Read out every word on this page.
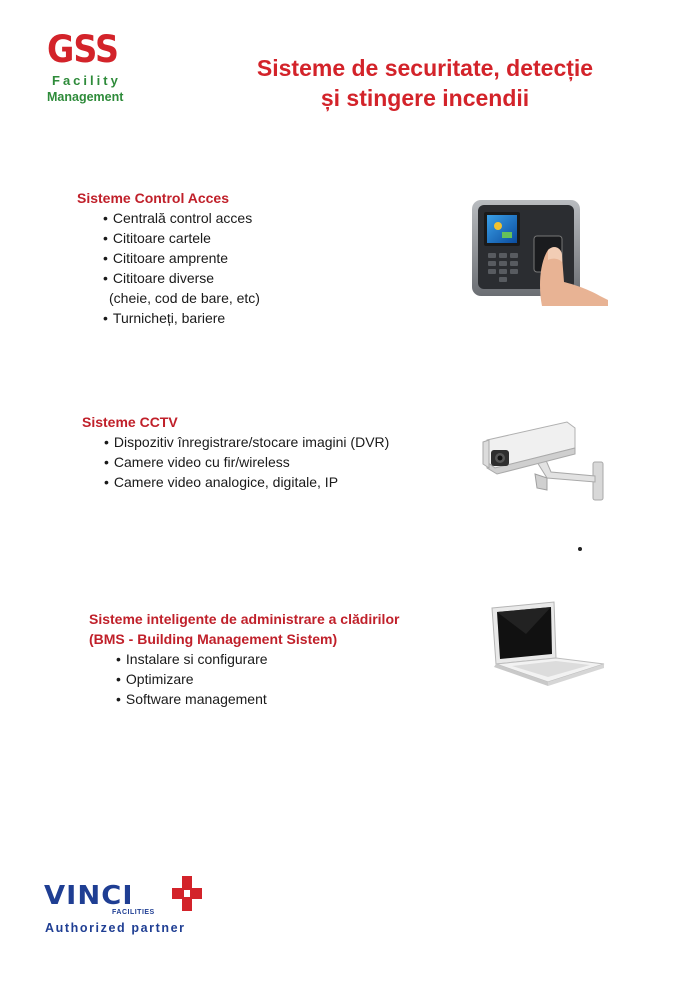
GSS
Facility
Management
Sisteme de securitate, detecție
și stingere incendii
Sisteme Control Acces
• Centrală control acces
• Cititoare cartele
• Cititoare amprente
• Cititoare diverse
(cheie, cod de bare, etc)
• Turnicheți, bariere
Sisteme CCTV
• Dispozitiv înregistrare/stocare imagini (DVR)
• Camere video cu fir/wireless
• Camere video analogice, digitale, IP
Sisteme inteligente de administrare a clădirilor
(BMS - Building Management Sistem)
• Instalare si configurare
• Optimizare
• Software management
VINCI
FACILITIES
Authorized partner
